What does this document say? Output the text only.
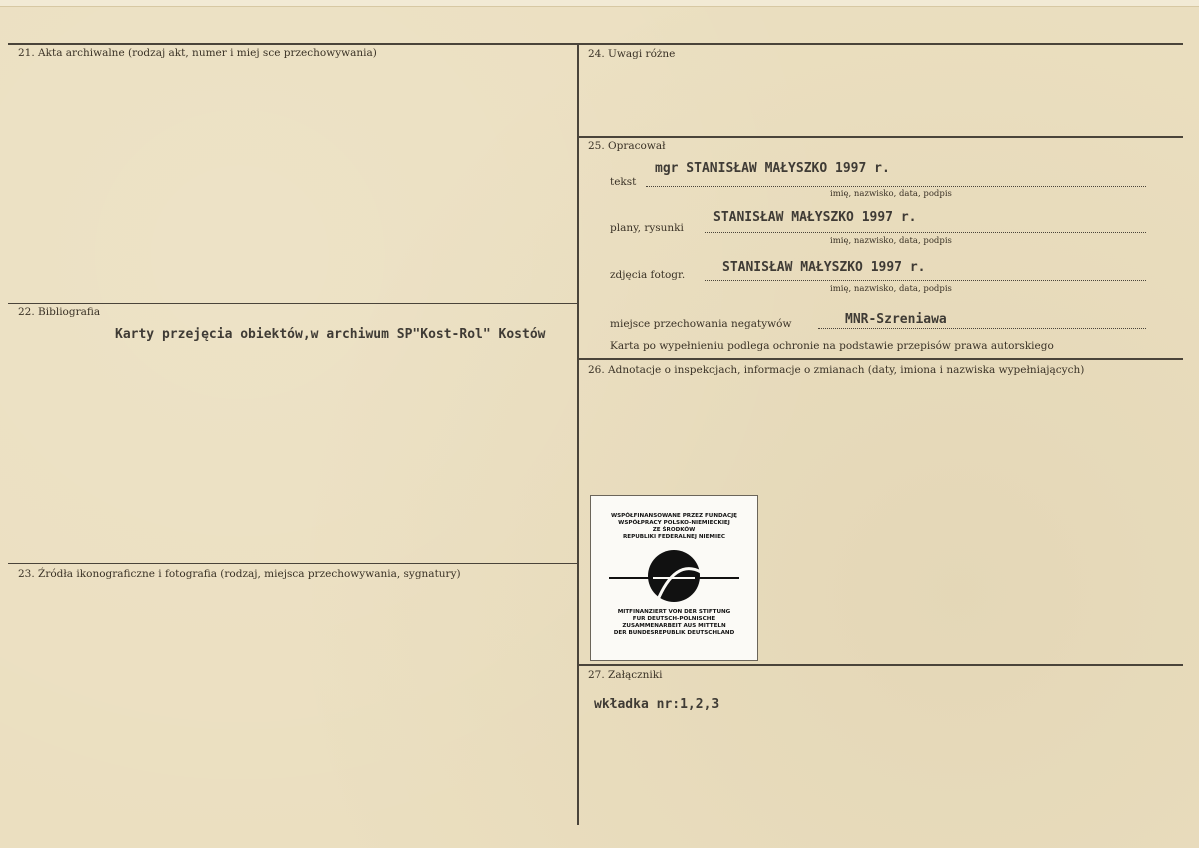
21. Akta archiwalne (rodzaj akt, numer i miej sce przechowywania)
22. Bibliografia
Karty przejęcia obiektów,w archiwum SP"Kost-Rol" Kostów
23. Źródła ikonograficzne i fotografia (rodzaj, miejsca przechowywania, sygnatury)
24. Uwagi różne
25. Opracował
tekst
mgr STANISŁAW MAŁYSZKO 1997 r.
imię, nazwisko, data, podpis
plany, rysunki
STANISŁAW MAŁYSZKO 1997 r.
imię, nazwisko, data, podpis
zdjęcia fotogr.	STANISŁAW MAŁYSZKO 1997 r.
imię, nazwisko, data, podpis
miejsce przechowania negatywów	MNR-Szreniawa
Karta po wypełnieniu podlega ochronie na podstawie przepisów prawa autorskiego
26. Adnotacje o inspekcjach, informacje o zmianach (daty, imiona i nazwiska wypełniających)
WSPÓŁFINANSOWANE PRZEZ FUNDACJĘ
WSPÓŁPRACY POLSKO-NIEMIECKIEJ
ZE ŚRODKÓW
REPUBLIKI FEDERALNEJ NIEMIEC
MITFINANZIERT VON DER STIFTUNG
FUR DEUTSCH-POLNISCHE
ZUSAMMENARBEIT AUS MITTELN
DER BUNDESREPUBLIK DEUTSCHLAND
27. Załączniki
wkładka nr:1,2,3
